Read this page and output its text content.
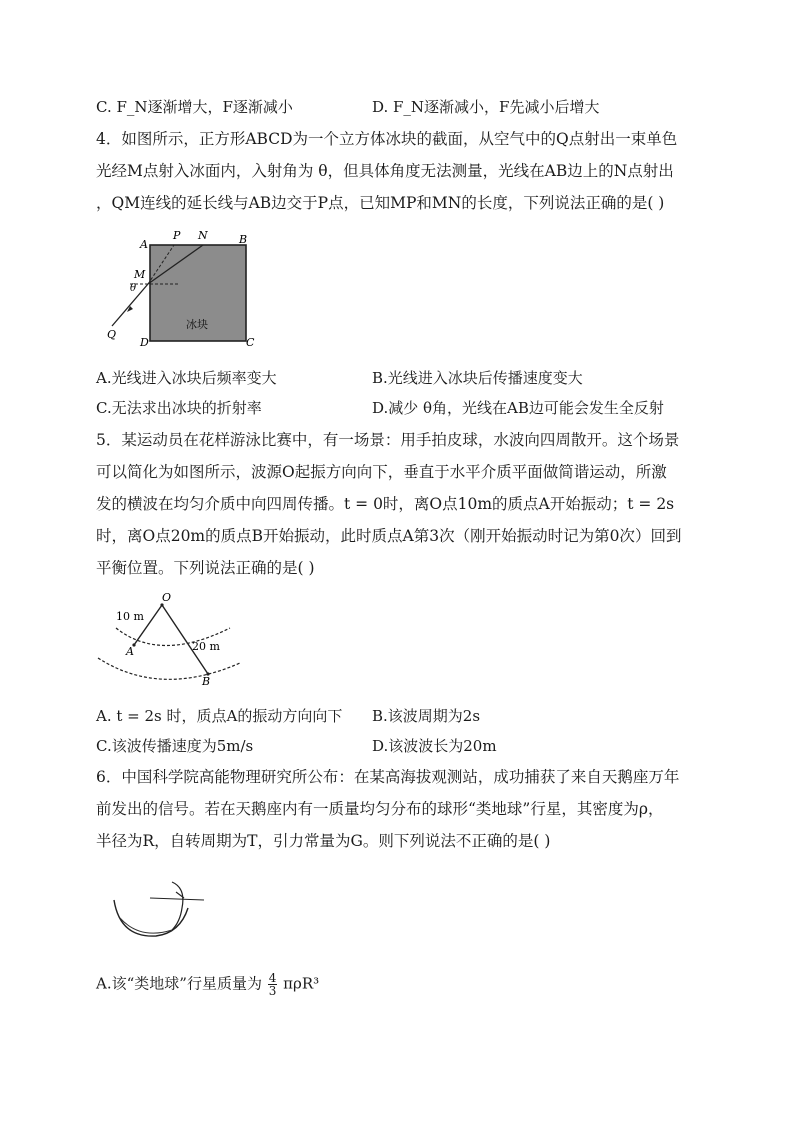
C. F_N逐渐增大，F逐渐减小	D. F_N逐渐减小，F先减小后增大
4．如图所示，正方形ABCD为一个立方体冰块的截面，从空气中的Q点射出一束单色
光经M点射入冰面内，入射角为 θ，但具体角度无法测量，光线在AB边上的N点射出
，QM连线的延长线与AB边交于P点，已知MP和MN的长度，下列说法正确的是( )
A
P N	B
M
θ
Q
D	C
冰块
A.光线进入冰块后频率变大	B.光线进入冰块后传播速度变大
C.无法求出冰块的折射率	D.减少 θ角，光线在AB边可能会发生全反射
5．某运动员在花样游泳比赛中，有一场景：用手拍皮球，水波向四周散开。这个场景
可以简化为如图所示，波源O起振方向向下，垂直于水平介质平面做简谐运动，所激
发的横波在均匀介质中向四周传播。t = 0时，离O点10m的质点A开始振动；t = 2s
时，离O点20m的质点B开始振动，此时质点A第3次（刚开始振动时记为第0次）回到
平衡位置。下列说法正确的是( )
O
10 m
20 m
A
B
A. t = 2s 时，质点A的振动方向向下 B.该波周期为2s
C.该波传播速度为5m/s	D.该波波长为20m
6．中国科学院高能物理研究所公布：在某高海拔观测站，成功捕获了来自天鹅座万年
前发出的信号。若在天鹅座内有一质量均匀分布的球形“类地球”行星，其密度为ρ，
半径为R，自转周期为T，引力常量为G。则下列说法不正确的是( )
A.该“类地球”行星质量为 $\frac{4}{3} \pi\rho R^3$
